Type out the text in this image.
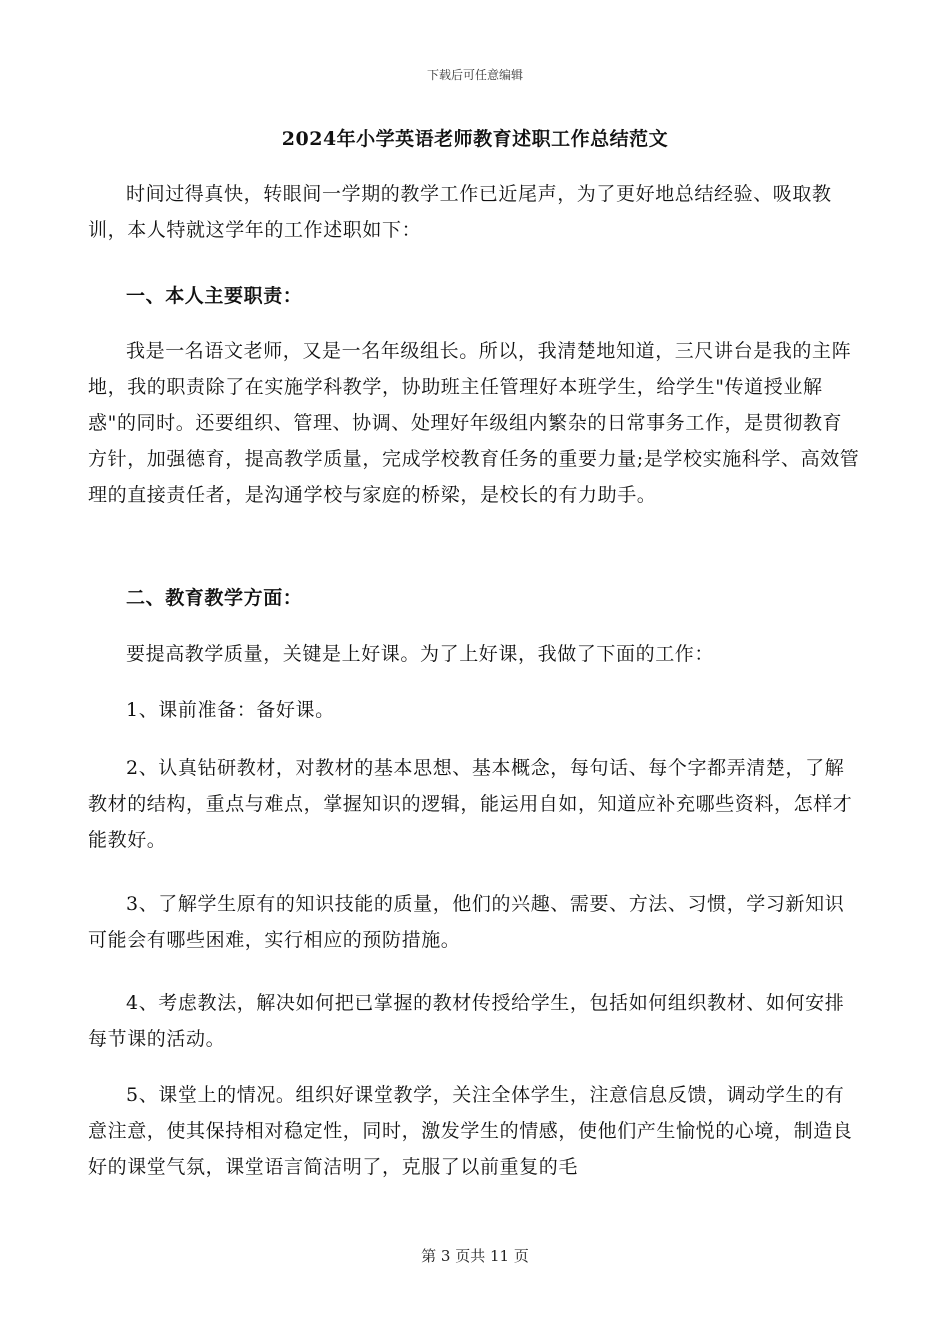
下载后可任意编辑
2024年小学英语老师教育述职工作总结范文

时间过得真快，转眼间一学期的教学工作已近尾声，为了更好地总结经验、吸取教训，本人特就这学年的工作述职如下：

一、本人主要职责：

我是一名语文老师，又是一名年级组长。所以，我清楚地知道，三尺讲台是我的主阵地，我的职责除了在实施学科教学，协助班主任管理好本班学生，给学生"传道授业解惑"的同时。还要组织、管理、协调、处理好年级组内繁杂的日常事务工作，是贯彻教育方针，加强德育，提高教学质量，完成学校教育任务的重要力量;是学校实施科学、高效管理的直接责任者，是沟通学校与家庭的桥梁，是校长的有力助手。

二、教育教学方面：

要提高教学质量，关键是上好课。为了上好课，我做了下面的工作：

1、课前准备：备好课。

2、认真钻研教材，对教材的基本思想、基本概念，每句话、每个字都弄清楚，了解教材的结构，重点与难点，掌握知识的逻辑，能运用自如，知道应补充哪些资料，怎样才能教好。

3、了解学生原有的知识技能的质量，他们的兴趣、需要、方法、习惯，学习新知识可能会有哪些困难，实行相应的预防措施。

4、考虑教法，解决如何把已掌握的教材传授给学生，包括如何组织教材、如何安排每节课的活动。

5、课堂上的情况。组织好课堂教学，关注全体学生，注意信息反馈，调动学生的有意注意，使其保持相对稳定性，同时，激发学生的情感，使他们产生愉悦的心境，制造良好的课堂气氛，课堂语言简洁明了，克服了以前重复的毛

第 3 页共 11 页
